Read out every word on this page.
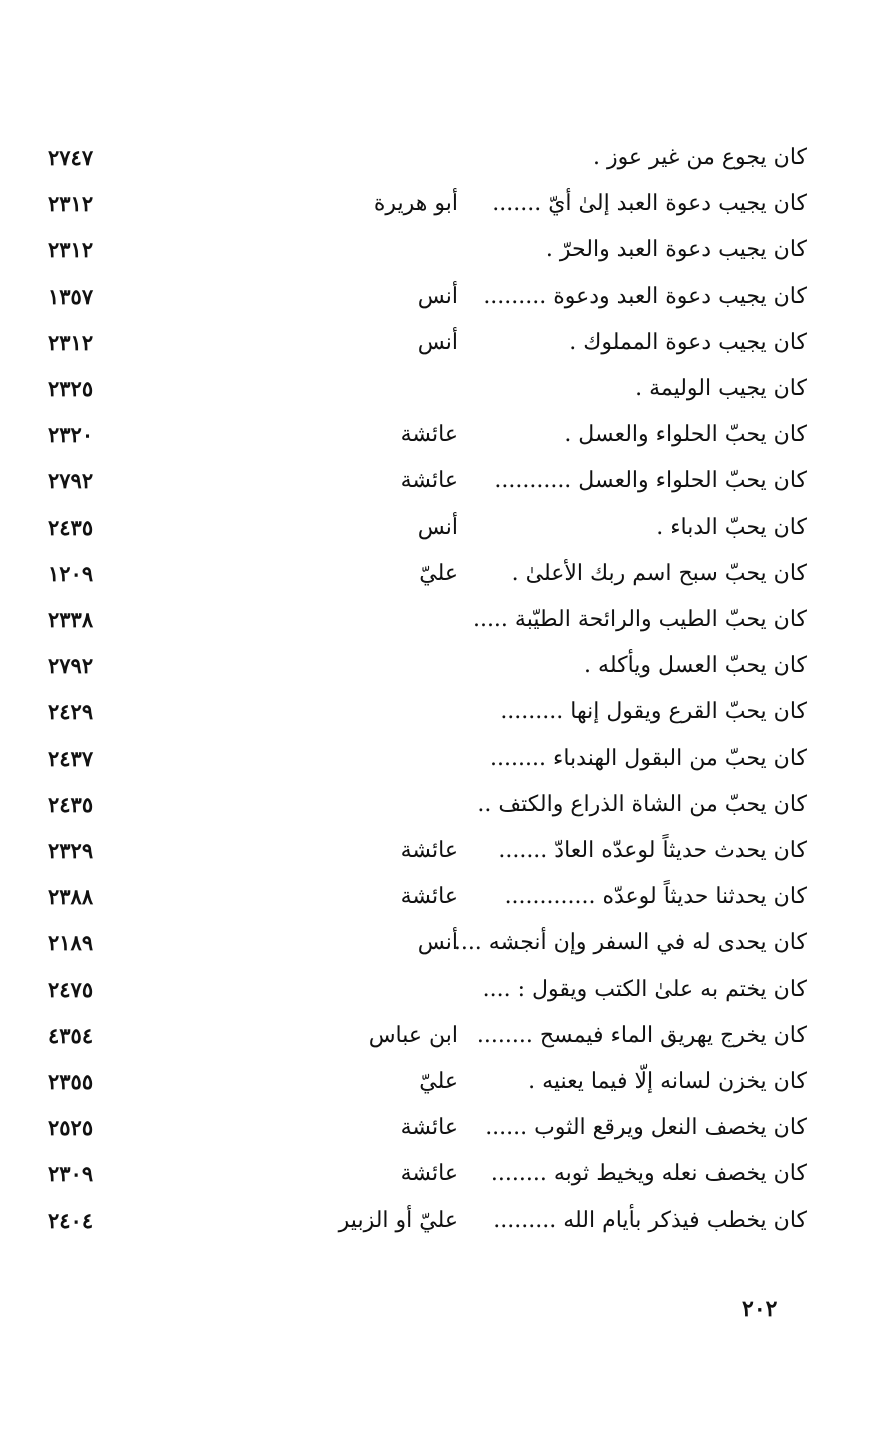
كان يجوع من غير عوز .
٢٧٤٧
كان يجيب دعوة العبد إلىٰ أيّ .......
أبو هريرة
٢٣١٢
كان يجيب دعوة العبد والحرّ .
٢٣١٢
كان يجيب دعوة العبد ودعوة .........
أنس
١٣٥٧
كان يجيب دعوة المملوك .
أنس
٢٣١٢
كان يجيب الوليمة .
٢٣٢٥
كان يحبّ الحلواء والعسل .
عائشة
٢٣٢٠
كان يحبّ الحلواء والعسل ...........
عائشة
٢٧٩٢
كان يحبّ الدباء .
أنس
٢٤٣٥
كان يحبّ سبح اسم ربك الأعلىٰ .
عليّ
١٢٠٩
كان يحبّ الطيب والرائحة الطيّبة .....
٢٣٣٨
كان يحبّ العسل ويأكله .
٢٧٩٢
كان يحبّ القرع ويقول إنها .........
٢٤٢٩
كان يحبّ من البقول الهندباء ........
٢٤٣٧
كان يحبّ من الشاة الذراع والكتف ..
٢٤٣٥
كان يحدث حديثاً لوعدّه العادّ .......
عائشة
٢٣٢٩
كان يحدثنا حديثاً لوعدّه .............
عائشة
٢٣٨٨
كان يحدى له في السفر وإن أنجشه ....
أنس
٢١٨٩
كان يختم به علىٰ الكتب ويقول : ....
٢٤٧٥
كان يخرج يهريق الماء فيمسح ........
ابن عباس
٤٣٥٤
كان يخزن لسانه إلّا فيما يعنيه .
عليّ
٢٣٥٥
كان يخصف النعل ويرقع الثوب ......
عائشة
٢٥٢٥
كان يخصف نعله ويخيط ثوبه ........
عائشة
٢٣٠٩
كان يخطب فيذكر بأيام الله .........
عليّ أو الزبير
٢٤٠٤
٢٠٢
